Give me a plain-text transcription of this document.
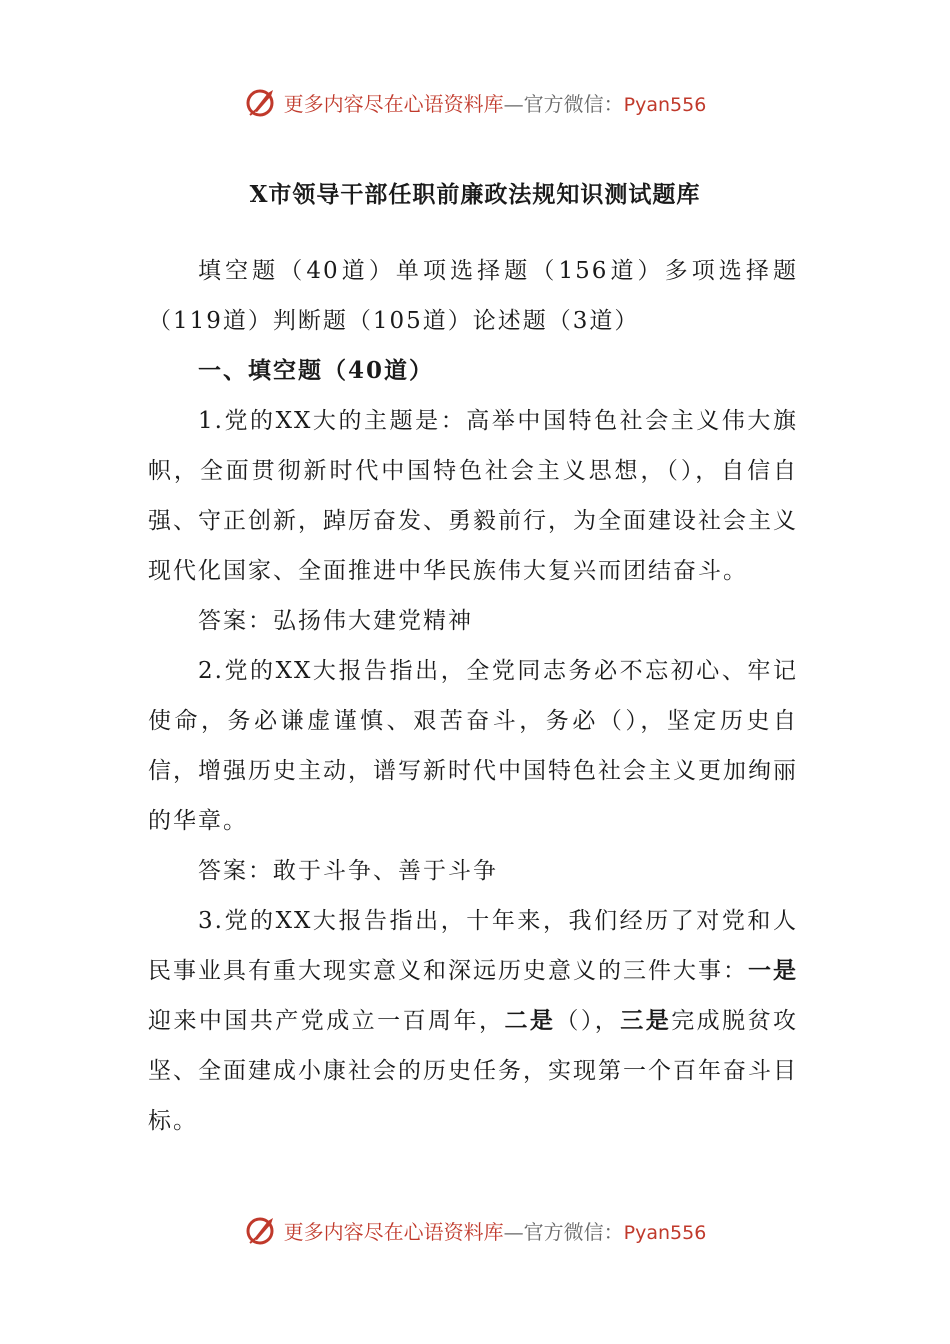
更多内容尽在心语资料库—官方微信：Pyan556
X市领导干部任职前廉政法规知识测试题库

填空题（40道）单项选择题（156道）多项选择题（119道）判断题（105道）论述题（3道）

一、填空题（40道）

1.党的XX大的主题是：高举中国特色社会主义伟大旗帜，全面贯彻新时代中国特色社会主义思想，（），自信自强、守正创新，踔厉奋发、勇毅前行，为全面建设社会主义现代化国家、全面推进中华民族伟大复兴而团结奋斗。

答案：弘扬伟大建党精神

2.党的XX大报告指出，全党同志务必不忘初心、牢记使命，务必谦虚谨慎、艰苦奋斗，务必（），坚定历史自信，增强历史主动，谱写新时代中国特色社会主义更加绚丽的华章。

答案：敢于斗争、善于斗争

3.党的XX大报告指出，十年来，我们经历了对党和人民事业具有重大现实意义和深远历史意义的三件大事：一是迎来中国共产党成立一百周年，二是（），三是完成脱贫攻坚、全面建成小康社会的历史任务，实现第一个百年奋斗目标。

更多内容尽在心语资料库—官方微信：Pyan556
